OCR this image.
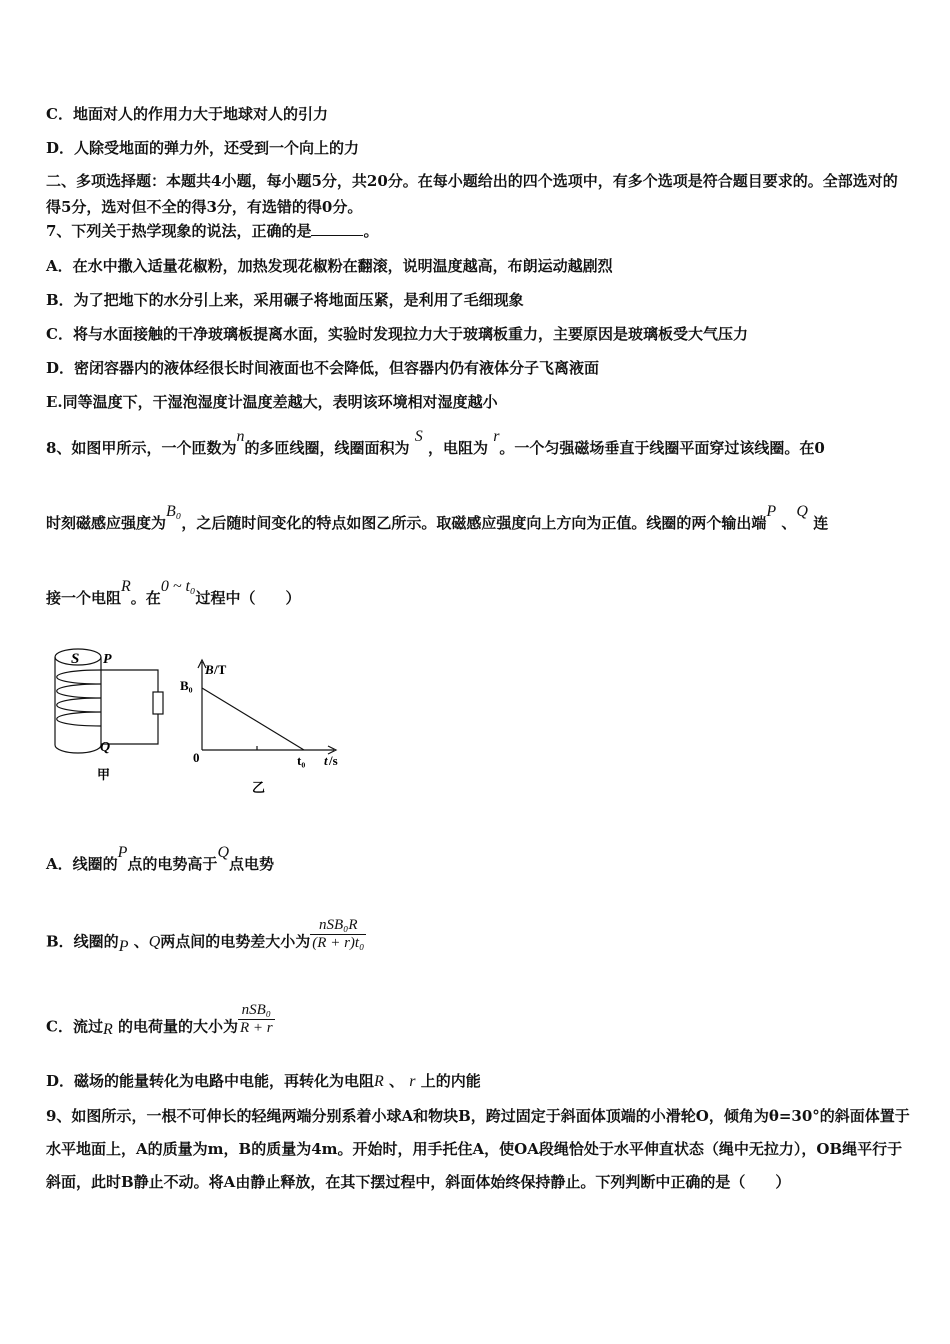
C．地面对人的作用力大于地球对人的引力
D．人除受地面的弹力外，还受到一个向上的力
二、多项选择题：本题共4小题，每小题5分，共20分。在每小题给出的四个选项中，有多个选项是符合题目要求的。全部选对的得5分，选对但不全的得3分，有选错的得0分。
7、下列关于热学现象的说法，正确的是	。
A．在水中撒入适量花椒粉，加热发现花椒粉在翻滚，说明温度越高，布朗运动越剧烈
B．为了把地下的水分引上来，采用碾子将地面压紧，是利用了毛细现象
C．将与水面接触的干净玻璃板提离水面，实验时发现拉力大于玻璃板重力，主要原因是玻璃板受大气压力
D．密闭容器内的液体经很长时间液面也不会降低，但容器内仍有液体分子飞离液面
E.同等温度下，干湿泡湿度计温度差越大，表明该环境相对湿度越小
8、如图甲所示，一个匝数为n的多匝线圈，线圈面积为 S ，电阻为 r。一个匀强磁场垂直于线圈平面穿过该线圈。在0
时刻磁感应强度为B₀，之后随时间变化的特点如图乙所示。取磁感应强度向上方向为正值。线圈的两个输出端P 、Q 连
接一个电阻R。在0 ~ t₀过程中（　　）
S P
Q
甲
B /T
B₀
0	t₀ t /s
乙
A．线圈的P点的电势高于Q点电势
B．线圈的P 、Q两点间的电势差大小为 $\frac{\text{nSB₀R}}{\text{(R + r)t₀}}$
C．流过R 的电荷量的大小为 $\frac{\text{nSB₀}}{R + r}$
D．磁场的能量转化为电路中电能，再转化为电阻R 、 r 上的内能
9、如图所示，一根不可伸长的轻绳两端分别系着小球A和物块B，跨过固定于斜面体顶端的小滑轮O，倾角为θ=30°的斜面体置于水平地面上，A的质量为m，B的质量为4m。开始时，用手托住A，使OA段绳恰处于水平伸直状态（绳中无拉力），OB绳平行于斜面，此时B静止不动。将A由静止释放，在其下摆过程中，斜面体始终保持静止。下列判断中正确的是（　　）
